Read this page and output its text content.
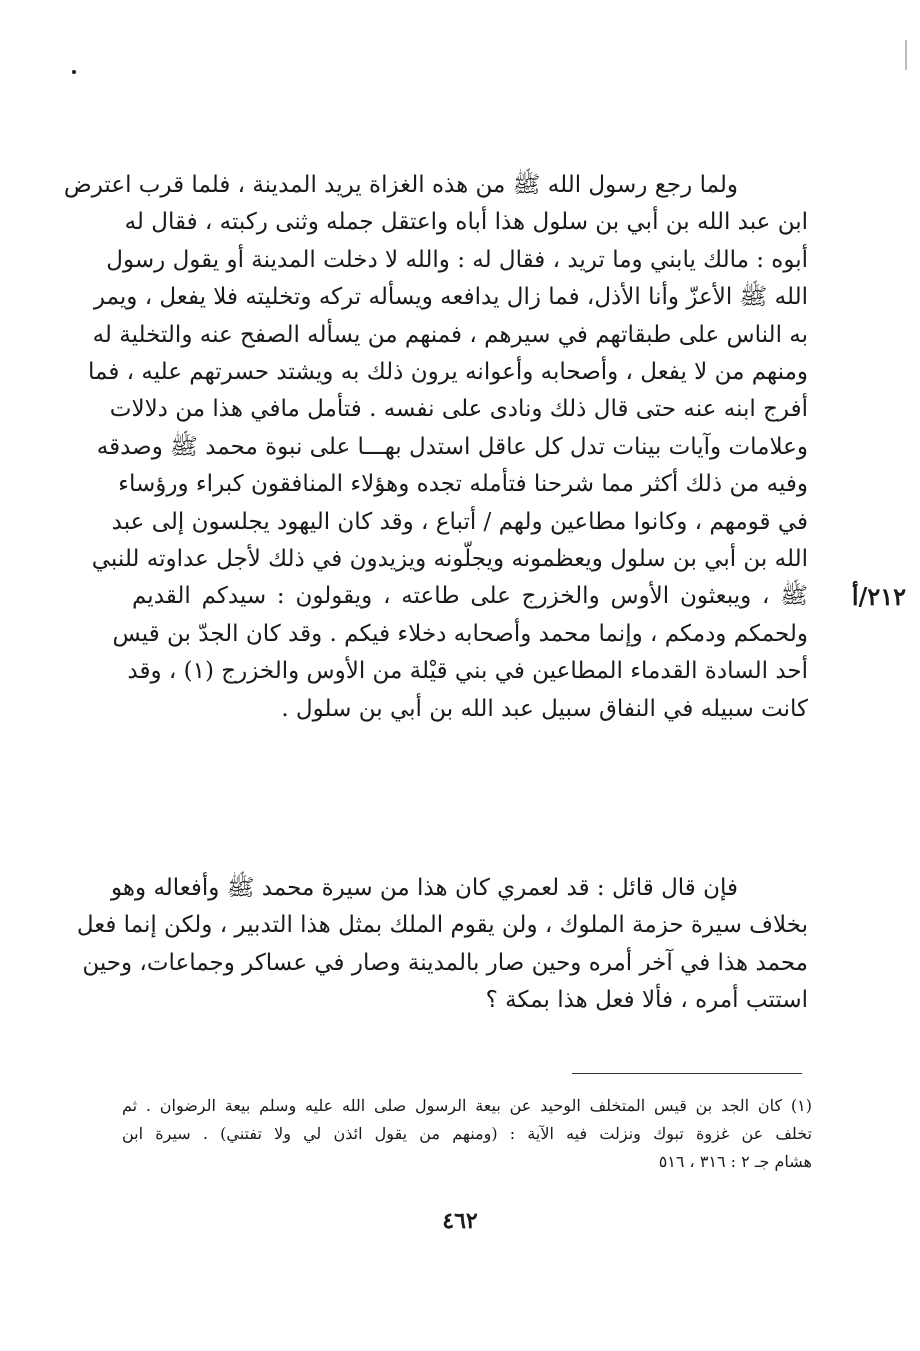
ولما رجع رسول الله ﷺ من هذه الغزاة يريد المدينة ، فلما قرب اعترض
ابن عبد الله بن أبي بن سلول هذا أباه واعتقل جمله وثنى ركبته ، فقال له
أبوه : مالك يابني وما تريد ، فقال له : والله لا دخلت المدينة أو يقول رسول
الله ﷺ الأعزّ وأنا الأذل، فما زال يدافعه ويسأله تركه وتخليته فلا يفعل ، ويمر
به الناس على طبقاتهم في سيرهم ، فمنهم من يسأله الصفح عنه والتخلية له
ومنهم من لا يفعل ، وأصحابه وأعوانه يرون ذلك به ويشتد حسرتهم عليه ، فما
أفرج ابنه عنه حتى قال ذلك ونادى على نفسه . فتأمل مافي هذا من دلالات
وعلامات وآيات بينات تدل كل عاقل استدل بهـــا على نبوة محمد ﷺ وصدقه
وفيه من ذلك أكثر مما شرحنا فتأمله تجده وهؤلاء المنافقون كبراء ورؤساء
في قومهم ، وكانوا مطاعين ولهم / أتباع ، وقد كان اليهود يجلسون إلى عبد
الله بن أبي بن سلول ويعظمونه ويجلّونه ويزيدون في ذلك لأجل عداوته للنبي
ﷺ ، ويبعثون الأوس والخزرج على طاعته ، ويقولون : سيدكم القديم
ولحمكم ودمكم ، وإنما محمد وأصحابه دخلاء فيكم . وقد كان الجدّ بن قيس
أحد السادة القدماء المطاعين في بني قيْلة من الأوس والخزرج (١) ، وقد
كانت سبيله في النفاق سبيل عبد الله بن أبي بن سلول .
٢١٢/أ
فإن قال قائل : قد لعمري كان هذا من سيرة محمد ﷺ وأفعاله وهو
بخلاف سيرة حزمة الملوك ، ولن يقوم الملك بمثل هذا التدبير ، ولكن إنما فعل
محمد هذا في آخر أمره وحين صار بالمدينة وصار في عساكر وجماعات، وحين
استتب أمره ، فألا فعل هذا بمكة ؟
(١) كان الجد بن قيس المتخلف الوحيد عن بيعة الرسول صلى الله عليه وسلم بيعة الرضوان . ثم
تخلف عن غزوة تبوك ونزلت فيه الآية : (ومنهم من يقول ائذن لي ولا تفتني) . سيرة ابن
هشام جـ ٢ : ٣١٦ ، ٥١٦
٤٦٢
